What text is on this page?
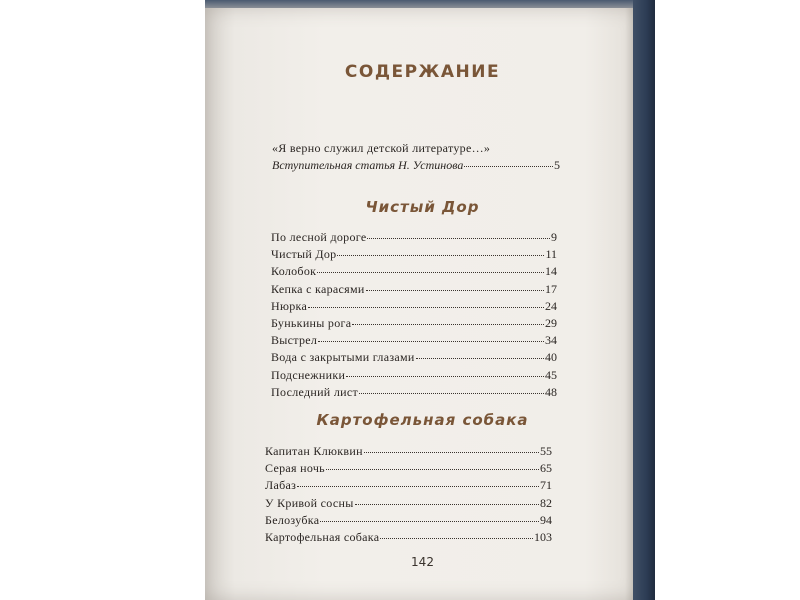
СОДЕРЖАНИЕ
«Я верно служил детской литературе…»
Вступительная статья Н. Устинова	5
Чистый Дор
По лесной дороге	9
Чистый Дор	11
Колобок	14
Кепка с карасями	17
Нюрка	24
Бунькины рога	29
Выстрел	34
Вода с закрытыми глазами	40
Подснежники	45
Последний лист	48
Картофельная собака
Капитан Клюквин	55
Серая ночь	65
Лабаз	71
У Кривой сосны	82
Белозубка	94
Картофельная собака	103
142
